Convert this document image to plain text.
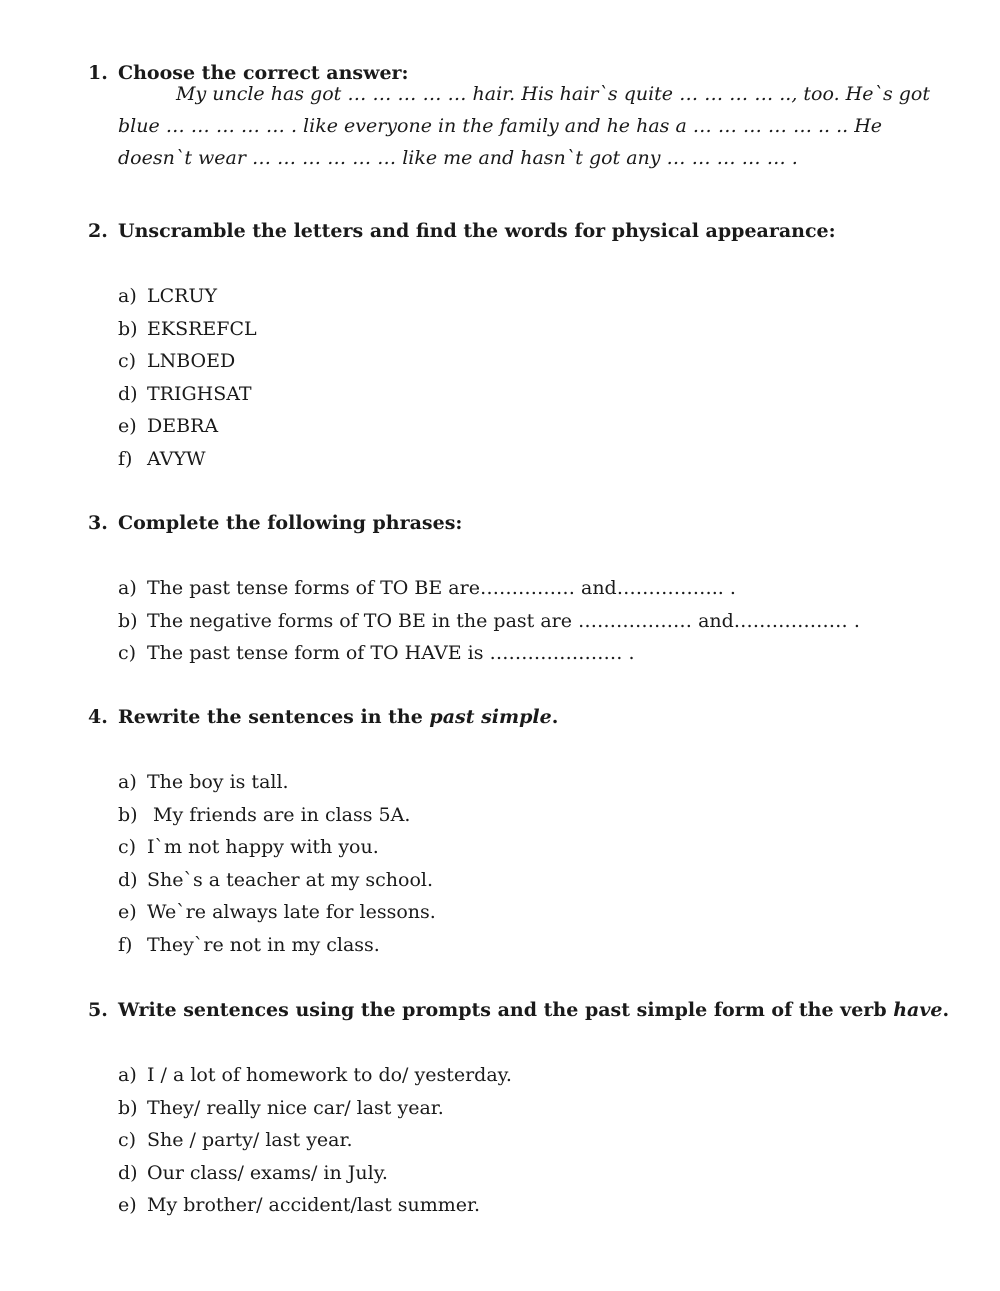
1. Choose the correct answer:

My uncle has got … … … … … hair. His hair`s quite … … … … .., too. He`s got blue … … … … … . like everyone in the family and he has a … … … … … .. .. He doesn`t wear … … … … … … like me and hasn`t got any … … … … … .

2. Unscramble the letters and find the words for physical appearance:
a) LCRUY
b) EKSREFCL
c) LNBOED
d) TRIGHSAT
e) DEBRA
f) AVYW
3. Complete the following phrases:
a) The past tense forms of TO BE are…………… and…………….. .
b) The negative forms of TO BE in the past are ……………… and……………… .
c) The past tense form of TO HAVE is ………………… .
4. Rewrite the sentences in the past simple.
a) The boy is tall.
b) My friends are in class 5A.
c) I`m not happy with you.
d) She`s a teacher at my school.
e) We`re always late for lessons.
f) They`re not in my class.
5. Write sentences using the prompts and the past simple form of the verb have.
a) I / a lot of homework to do/ yesterday.
b) They/ really nice car/ last year.
c) She / party/ last year.
d) Our class/ exams/ in July.
e) My brother/ accident/last summer.
